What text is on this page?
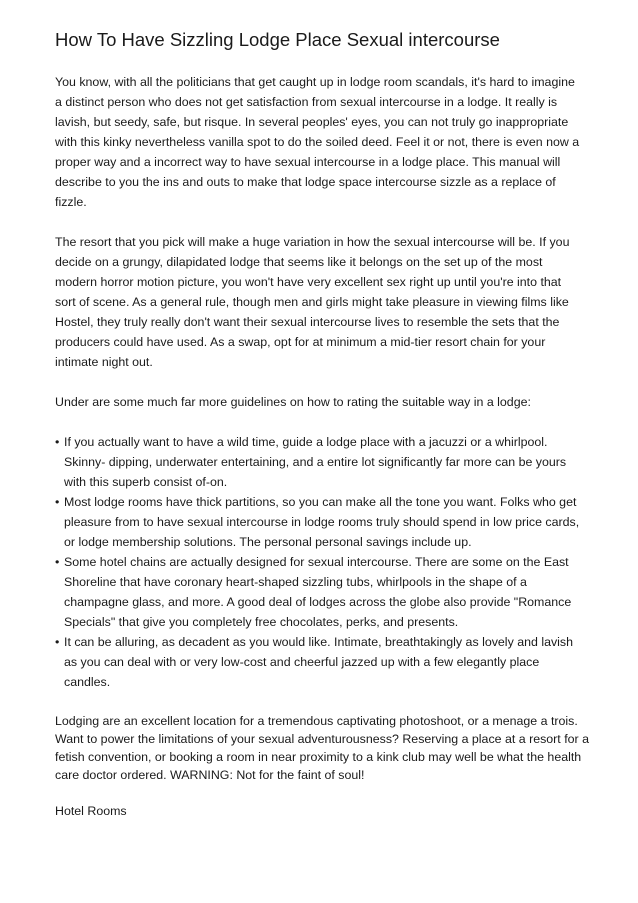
How To Have Sizzling Lodge Place Sexual intercourse

You know, with all the politicians that get caught up in lodge room scandals, it's hard to imagine a distinct person who does not get satisfaction from sexual intercourse in a lodge. It really is lavish, but seedy, safe, but risque. In several peoples' eyes, you can not truly go inappropriate with this kinky nevertheless vanilla spot to do the soiled deed. Feel it or not, there is even now a proper way and a incorrect way to have sexual intercourse in a lodge place. This manual will describe to you the ins and outs to make that lodge space intercourse sizzle as a replace of fizzle.

The resort that you pick will make a huge variation in how the sexual intercourse will be. If you decide on a grungy, dilapidated lodge that seems like it belongs on the set up of the most modern horror motion picture, you won't have very excellent sex right up until you're into that sort of scene. As a general rule, though men and girls might take pleasure in viewing films like Hostel, they truly really don't want their sexual intercourse lives to resemble the sets that the producers could have used. As a swap, opt for at minimum a mid-tier resort chain for your intimate night out.

Under are some much far more guidelines on how to rating the suitable way in a lodge:

• If you actually want to have a wild time, guide a lodge place with a jacuzzi or a whirlpool. Skinny- dipping, underwater entertaining, and a entire lot significantly far more can be yours with this superb consist of-on.
• Most lodge rooms have thick partitions, so you can make all the tone you want. Folks who get pleasure from to have sexual intercourse in lodge rooms truly should spend in low price cards, or lodge membership solutions. The personal personal savings include up.
• Some hotel chains are actually designed for sexual intercourse. There are some on the East Shoreline that have coronary heart-shaped sizzling tubs, whirlpools in the shape of a champagne glass, and more. A good deal of lodges across the globe also provide "Romance Specials" that give you completely free chocolates, perks, and presents.
• It can be alluring, as decadent as you would like. Intimate, breathtakingly as lovely and lavish as you can deal with or very low-cost and cheerful jazzed up with a few elegantly place candles.

Lodging are an excellent location for a tremendous captivating photoshoot, or a menage a trois. Want to power the limitations of your sexual adventurousness? Reserving a place at a resort for a fetish convention, or booking a room in near proximity to a kink club may well be what the health care doctor ordered. WARNING: Not for the faint of soul!

Hotel Rooms
